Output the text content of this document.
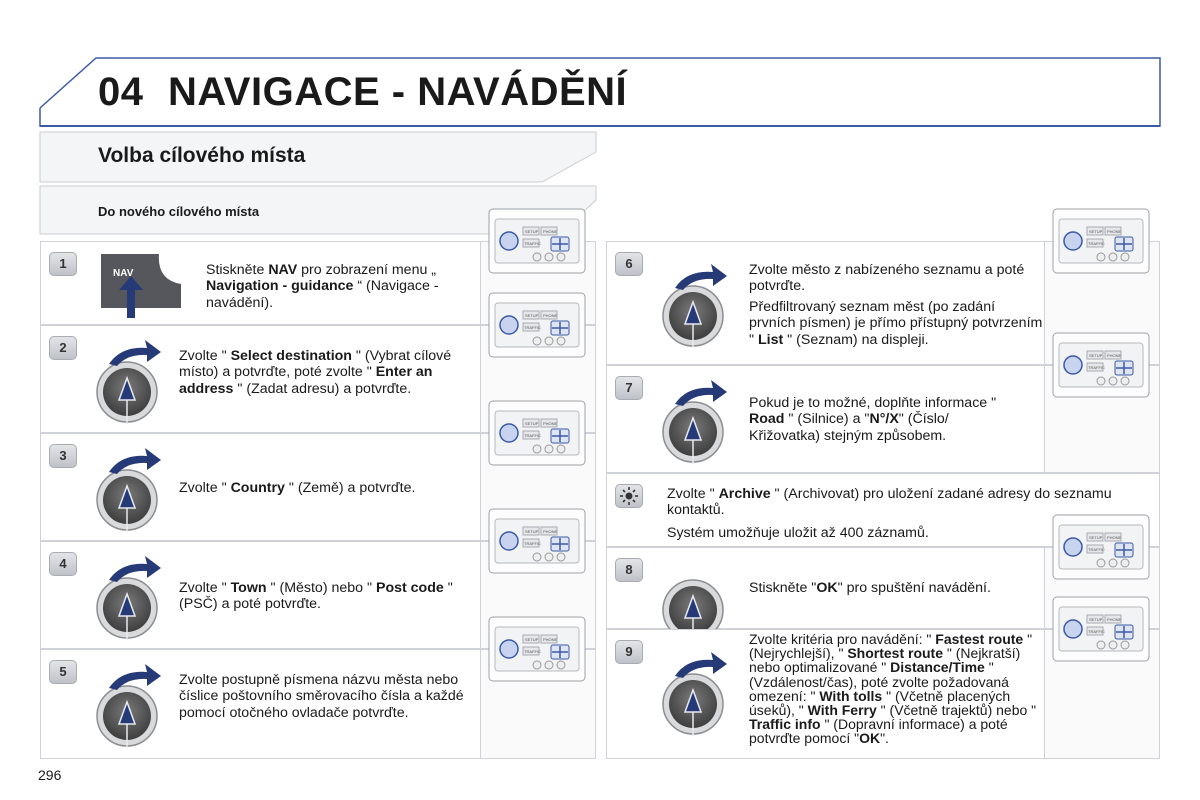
04 NAVIGACE - NAVÁDĚNÍ
Volba cílového místa
Do nového cílového místa
1
NAV	Stiskněte NAV pro zobrazení menu „ Navigation - guidance “ (Navigace - navádění).
SETUP PHONE
TRAFFIC
2
Zvolte " Select destination " (Vybrat cílové místo) a potvrďte, poté zvolte " Enter an address " (Zadat adresu) a potvrďte.
SETUP PHONE
TRAFFIC
3
Zvolte " Country " (Země) a potvrďte.
SETUP PHONE
TRAFFIC
4
Zvolte " Town " (Město) nebo " Post code " (PSČ) a poté potvrďte.
SETUP PHONE
TRAFFIC
5
Zvolte postupně písmena názvu města nebo číslice poštovního směrovacího čísla a každé pomocí otočného ovladače potvrďte.
SETUP PHONE
TRAFFIC
6	Zvolte město z nabízeného seznamu a poté potvrďte.

Předfiltrovaný seznam měst (po zadání prvních písmen) je přímo přístupný potvrzením " List " (Seznam) na displeji.

SETUP PHONE
TRAFFIC
7
Pokud je to možné, doplňte informace " Road " (Silnice) a "N°/X" (Číslo/ Křižovatka) stejným způsobem.
SETUP PHONE
TRAFFIC

Zvolte " Archive " (Archivovat) pro uložení zadané adresy do seznamu kontaktů.

Systém umožňuje uložit až 400 záznamů.

8
Stiskněte "OK" pro spuštění navádění.
SETUP PHONE
TRAFFIC
9
Zvolte kritéria pro navádění: " Fastest route " (Nejrychlejší), " Shortest route " (Nejkratší) nebo optimalizované " Distance/Time " (Vzdálenost/čas), poté zvolte požadovaná omezení: " With tolls " (Včetně placených úseků), " With Ferry " (Včetně trajektů) nebo " Traffic info " (Dopravní informace) a poté potvrďte pomocí "OK".
SETUP PHONE
TRAFFIC
296
